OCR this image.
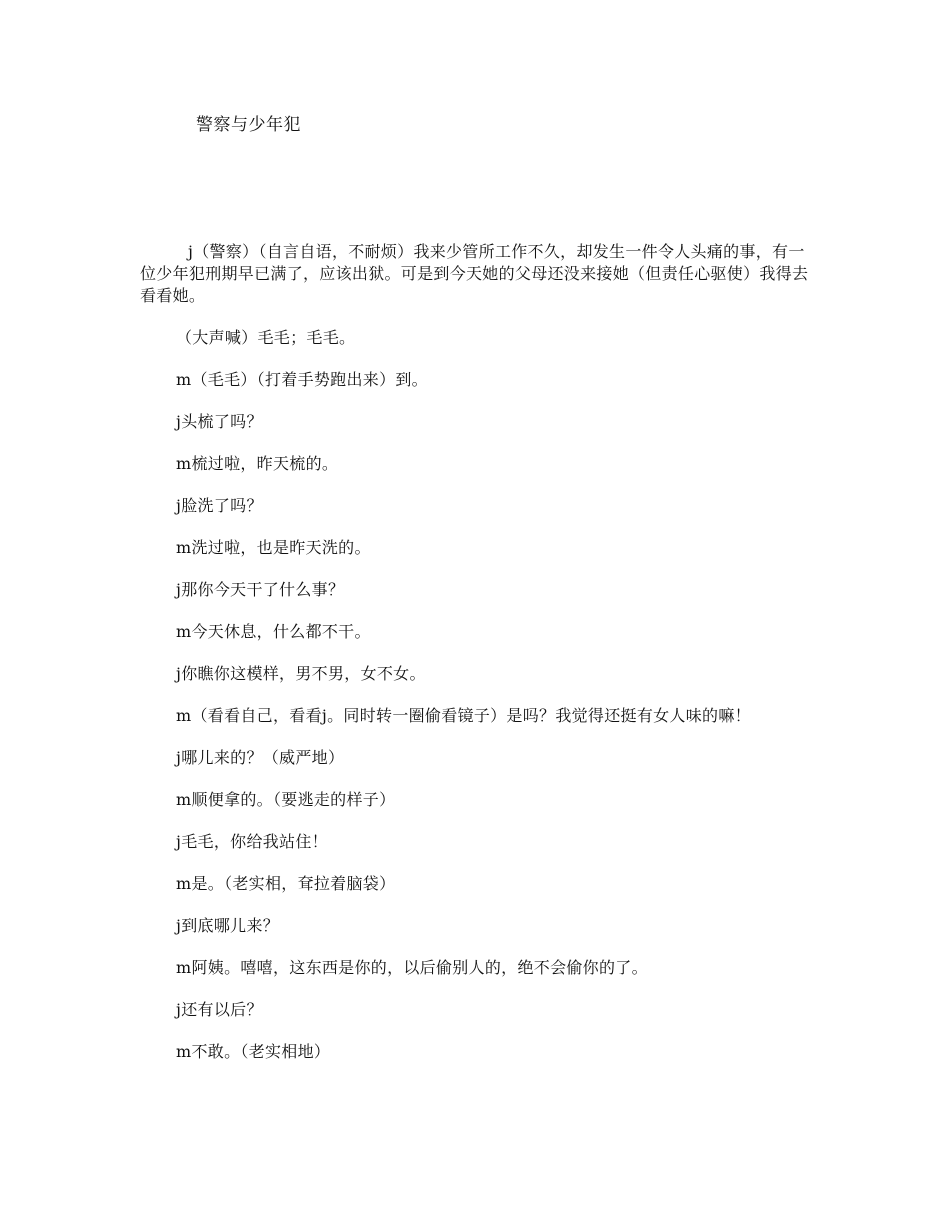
警察与少年犯

j（警察）（自言自语，不耐烦）我来少管所工作不久，却发生一件令人头痛的事，有一位少年犯刑期早已满了，应该出狱。可是到今天她的父母还没来接她（但责任心驱使）我得去看看她。

（大声喊）毛毛；毛毛。

m（毛毛）（打着手势跑出来）到。

j头梳了吗？

m梳过啦，昨天梳的。

j脸洗了吗？

m洗过啦，也是昨天洗的。

j那你今天干了什么事？

m今天休息，什么都不干。

j你瞧你这模样，男不男，女不女。

m（看看自己，看看j。同时转一圈偷看镜子）是吗？我觉得还挺有女人味的嘛！

j哪儿来的？（威严地）

m顺便拿的。（要逃走的样子）

j毛毛，你给我站住！

m是。（老实相，耷拉着脑袋）

j到底哪儿来？

m阿姨。嘻嘻，这东西是你的，以后偷别人的，绝不会偷你的了。

j还有以后？

m不敢。（老实相地）
